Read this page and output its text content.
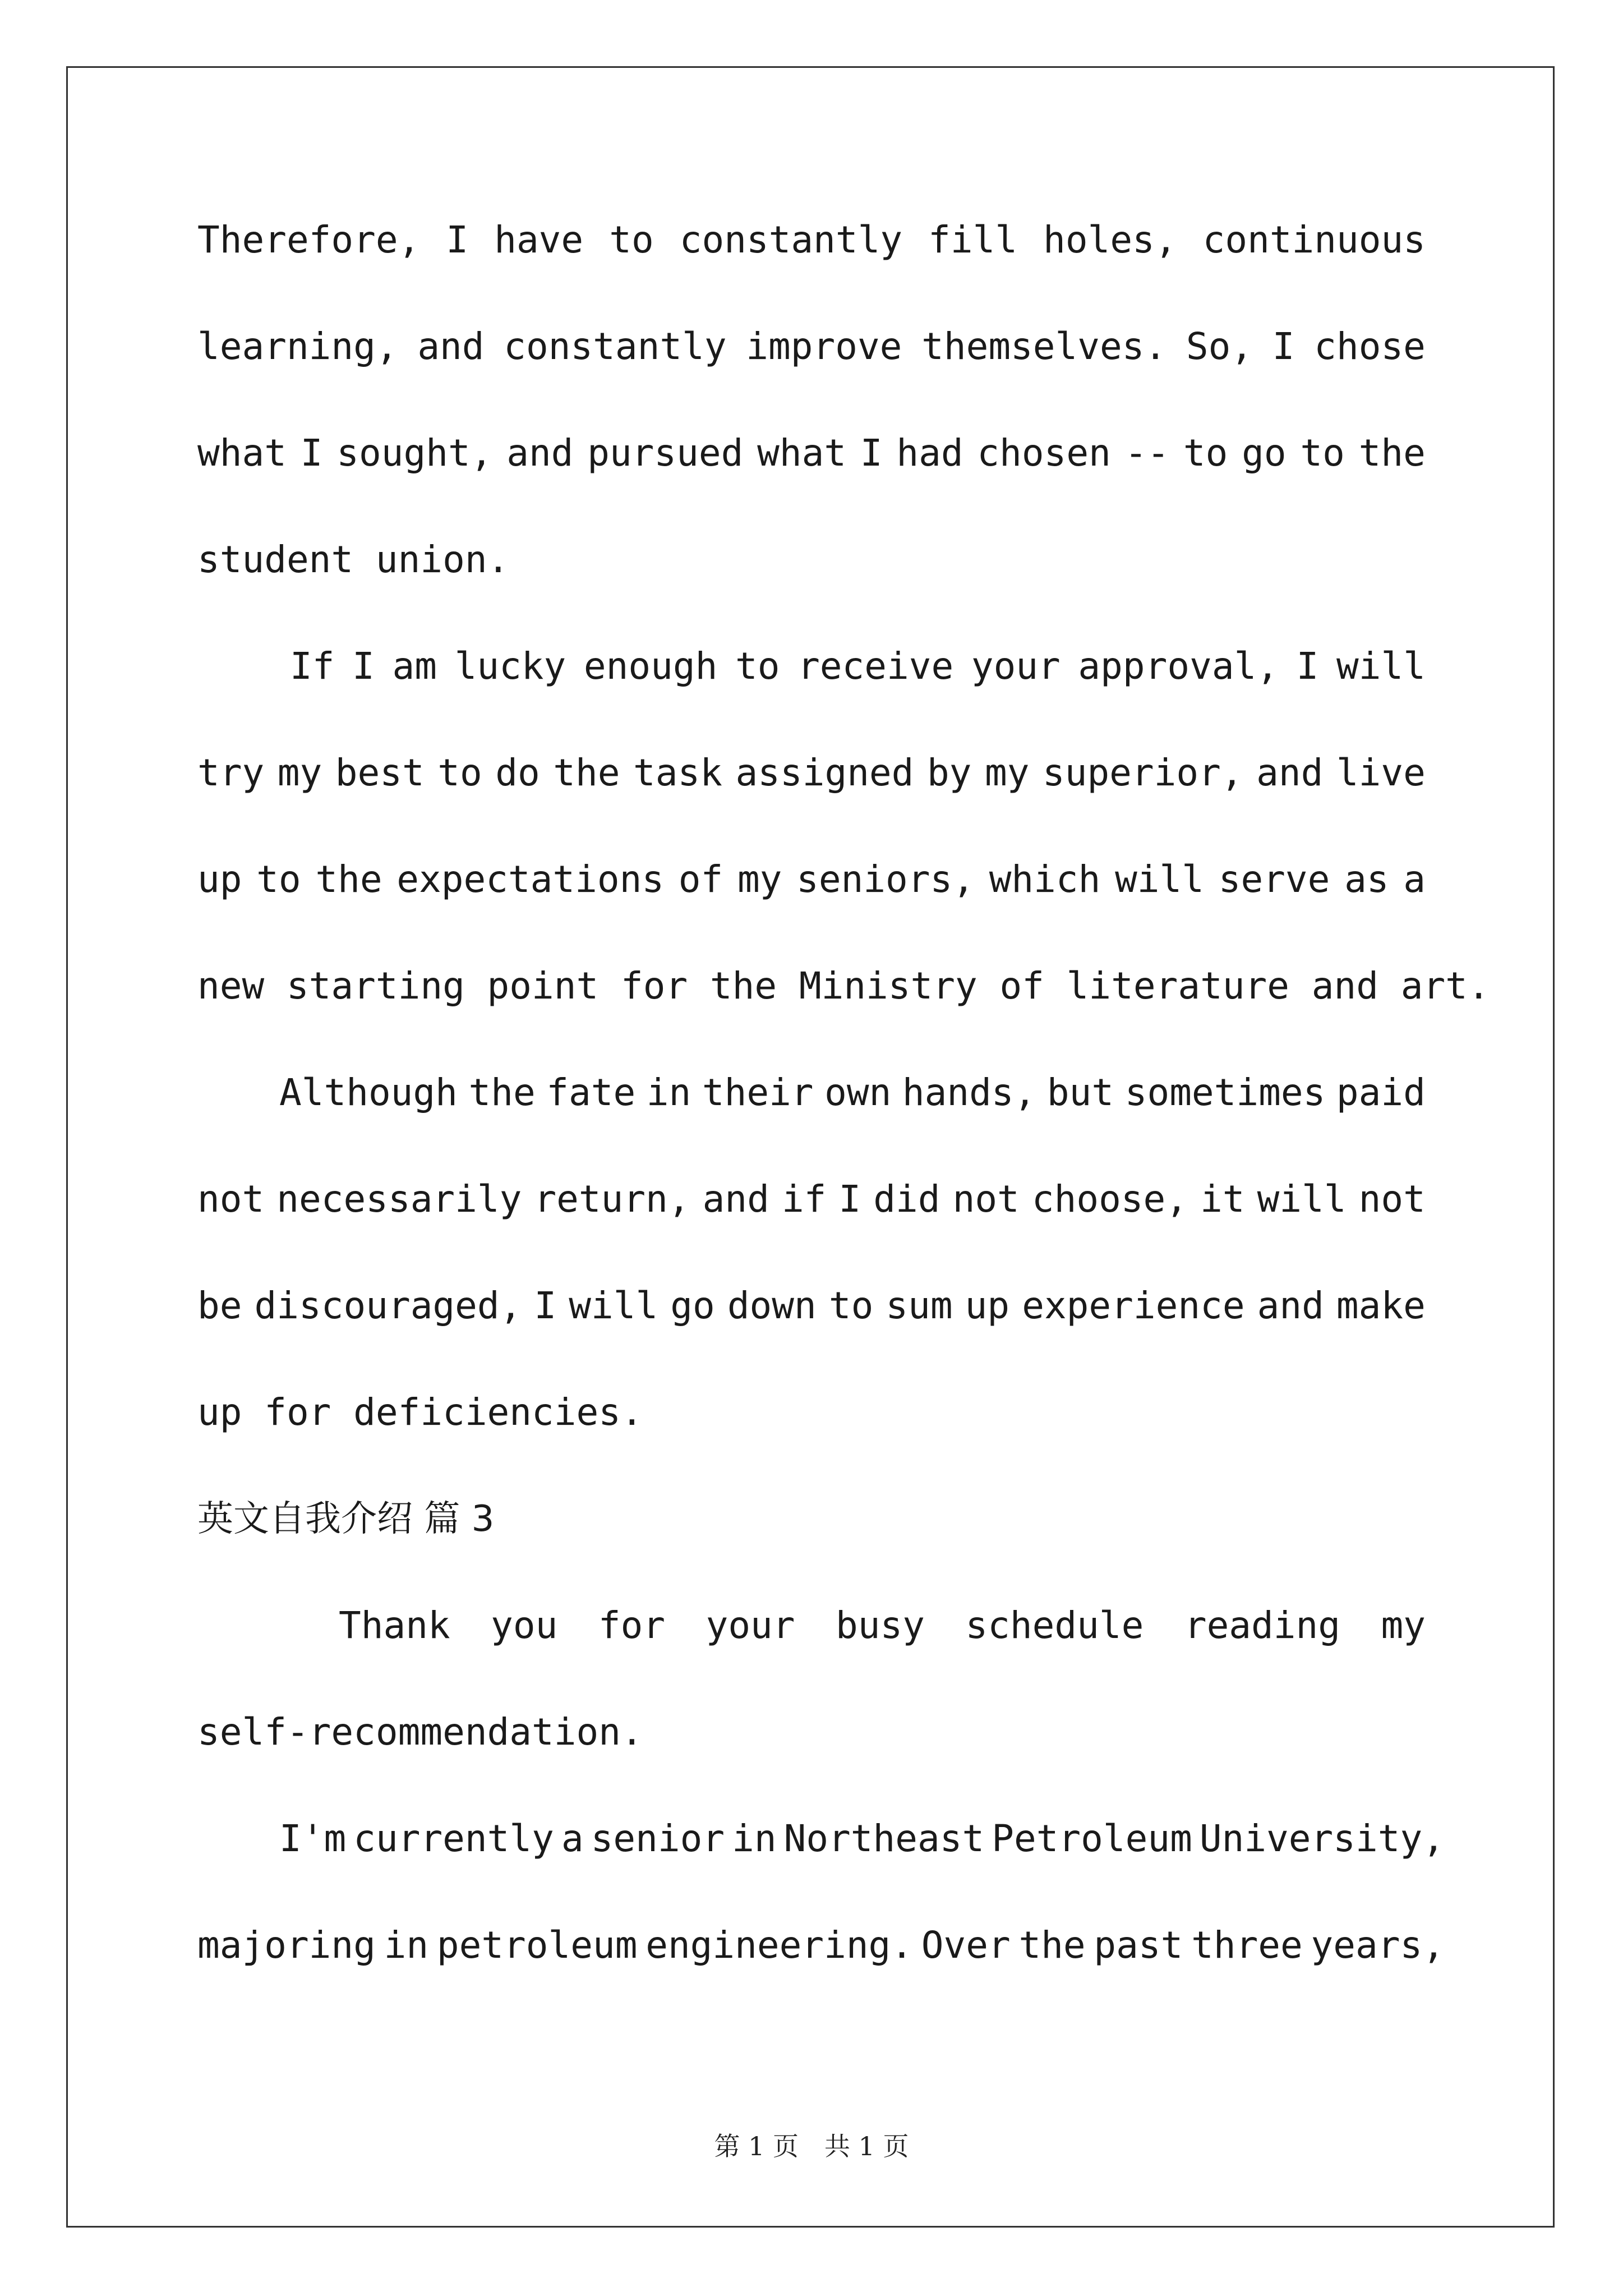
Therefore, I have to constantly fill holes, continuous
learning, and constantly improve themselves. So, I chose
what I sought, and pursued what I had chosen -- to go to the
student union.
If I am lucky enough to receive your approval, I will
try my best to do the task assigned by my superior, and live
up to the expectations of my seniors, which will serve as a
new starting point for the Ministry of literature and art.
Although the fate in their own hands, but sometimes paid
not necessarily return, and if I did not choose, it will not
be discouraged, I will go down to sum up experience and make
up for deficiencies.
英文自我介绍 篇 3
Thank you for your busy schedule reading my
self-recommendation.
I'm currently a senior in Northeast Petroleum University,
majoring in petroleum engineering. Over the past three years,
第 1 页　共 1 页
